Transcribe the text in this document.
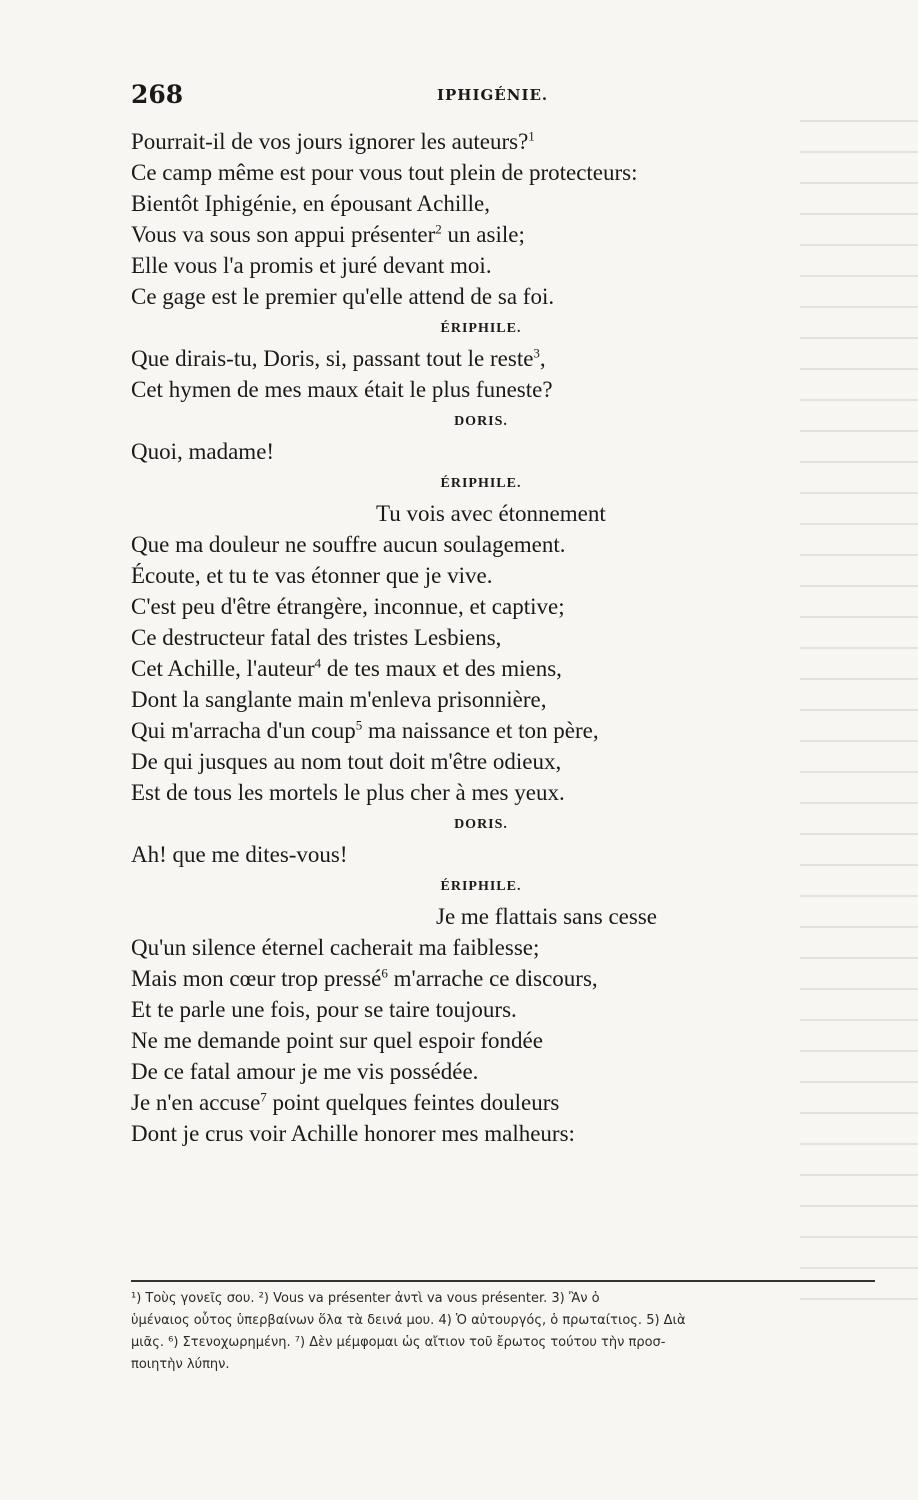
268	IPHIGÉNIE.
Pourrait-il de vos jours ignorer les auteurs?$^1$
Ce camp même est pour vous tout plein de protecteurs:
Bientôt Iphigénie, en épousant Achille,
Vous va sous son appui présenter$^2$ un asile;
Elle vous l'a promis et juré devant moi.
Ce gage est le premier qu'elle attend de sa foi.
ÉRIPHILE.
Que dirais-tu, Doris, si, passant tout le reste$^3$,
Cet hymen de mes maux était le plus funeste?
DORIS.
Quoi, madame!
ÉRIPHILE.
Tu vois avec étonnement
Que ma douleur ne souffre aucun soulagement.
Écoute, et tu te vas étonner que je vive.
C'est peu d'être étrangère, inconnue, et captive;
Ce destructeur fatal des tristes Lesbiens,
Cet Achille, l'auteur$^4$ de tes maux et des miens,
Dont la sanglante main m'enleva prisonnière,
Qui m'arracha d'un coup$^5$ ma naissance et ton père,
De qui jusques au nom tout doit m'être odieux,
Est de tous les mortels le plus cher à mes yeux.
DORIS.
Ah! que me dites-vous!
ÉRIPHILE.
Je me flattais sans cesse
Qu'un silence éternel cacherait ma faiblesse;
Mais mon cœur trop pressé$^6$ m'arrache ce discours,
Et te parle une fois, pour se taire toujours.
Ne me demande point sur quel espoir fondée
De ce fatal amour je me vis possédée.
Je n'en accuse$^7$ point quelques feintes douleurs
Dont je crus voir Achille honorer mes malheurs:
¹) Τοὺς γονεῖς σου. ²) Vous va présenter ἀντὶ va vous présenter. 3) Ἂν ὁ
ὑμέναιος οὗτος ὑπερβαίνων ὅλα τὰ δεινά μου. 4) Ὁ αὐτουργός, ὁ πρωταίτιος. 5) Διὰ
μιᾶς. ⁶) Στενοχωρημένη. ⁷) Δὲν μέμφομαι ὡς αἴτιον τοῦ ἔρωτος τούτου τὴν προσ-
ποιητὴν λύπην.
